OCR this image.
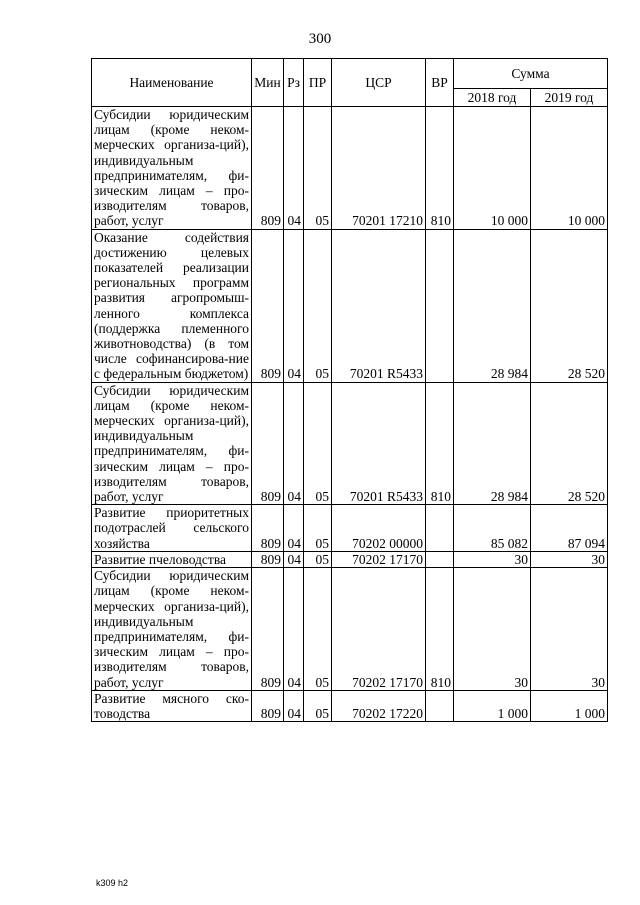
300
Наименование	Мин	Рз	ПР	ЦСР	ВР	Сумма	
						2018 год	2019 год
Субсидии юридическим лицам (кроме неком-мерческих организа-ций), индивидуальным предпринимателям, фи-зическим лицам – про-изводителям товаров, работ, услуг	809	04	05	70201 17210	810	10 000	10 000
Оказание содействия достижению целевых показателей реализации региональных программ развития агропромыш-ленного комплекса (поддержка племенного животноводства) (в том числе софинансирова-ние с федеральным бюджетом)	809	04	05	70201 R5433		28 984	28 520
Субсидии юридическим лицам (кроме неком-мерческих организа-ций), индивидуальным предпринимателям, фи-зическим лицам – про-изводителям товаров, работ, услуг	809	04	05	70201 R5433	810	28 984	28 520
Развитие приоритетных подотраслей сельского хозяйства	809	04	05	70202 00000		85 082	87 094
Развитие пчеловодства	809	04	05	70202 17170		30	30
Субсидии юридическим лицам (кроме неком-мерческих организа-ций), индивидуальным предпринимателям, фи-зическим лицам – про-изводителям товаров, работ, услуг	809	04	05	70202 17170	810	30	30
Развитие мясного ско-товодства	809	04	05	70202 17220		1 000	1 000
k309 h2
